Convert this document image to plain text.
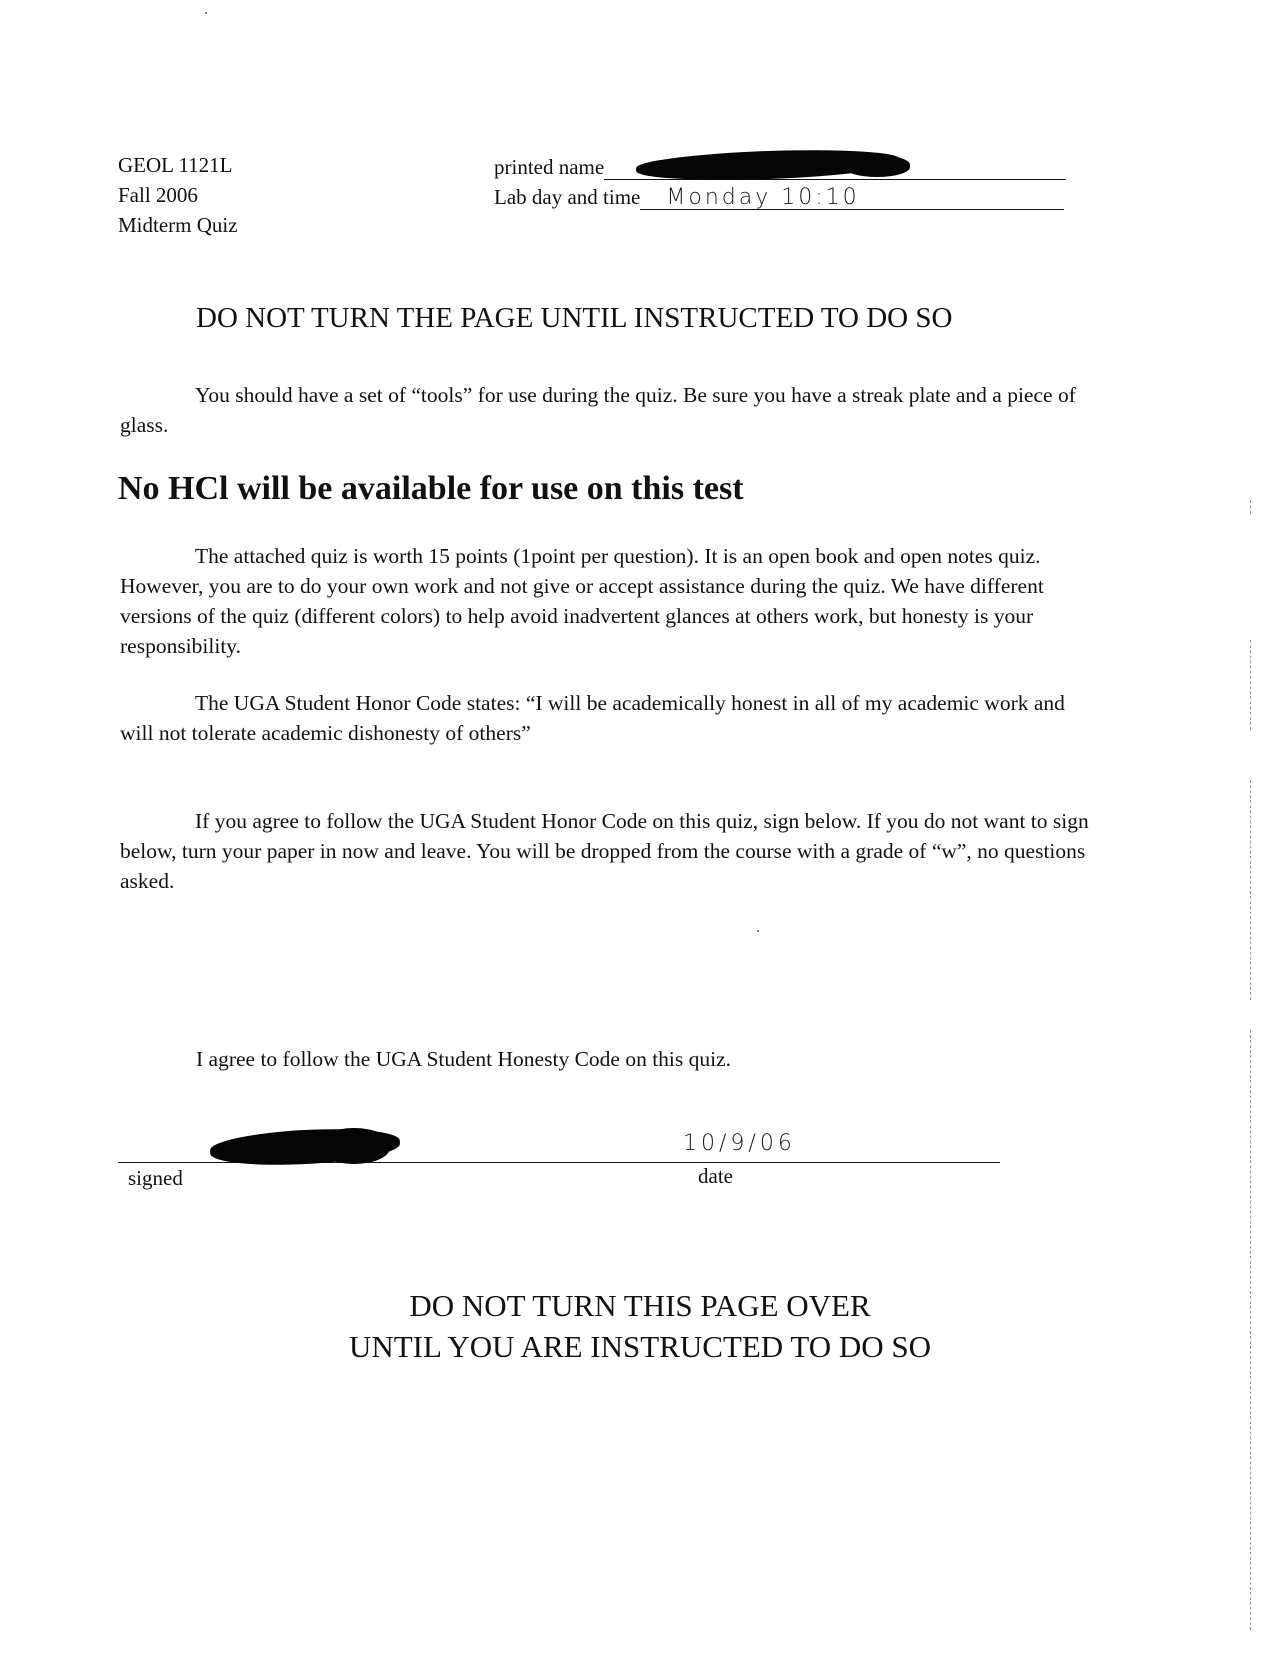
GEOL 1121L
Fall 2006
Midterm Quiz
printed name
Lab day and time Monday 10:10
DO NOT TURN THE PAGE UNTIL INSTRUCTED TO DO SO
You should have a set of “tools” for use during the quiz. Be sure you have a streak plate and a piece of glass.
No HCl will be available for use on this test
The attached quiz is worth 15 points (1point per question). It is an open book and open notes quiz. However, you are to do your own work and not give or accept assistance during the quiz. We have different versions of the quiz (different colors) to help avoid inadvertent glances at others work, but honesty is your responsibility.
The UGA Student Honor Code states: “I will be academically honest in all of my academic work and will not tolerate academic dishonesty of others”
If you agree to follow the UGA Student Honor Code on this quiz, sign below. If you do not want to sign below, turn your paper in now and leave. You will be dropped from the course with a grade of “w”, no questions asked.
I agree to follow the UGA Student Honesty Code on this quiz.
10/9/06
signed	date
DO NOT TURN THIS PAGE OVER
UNTIL YOU ARE INSTRUCTED TO DO SO
